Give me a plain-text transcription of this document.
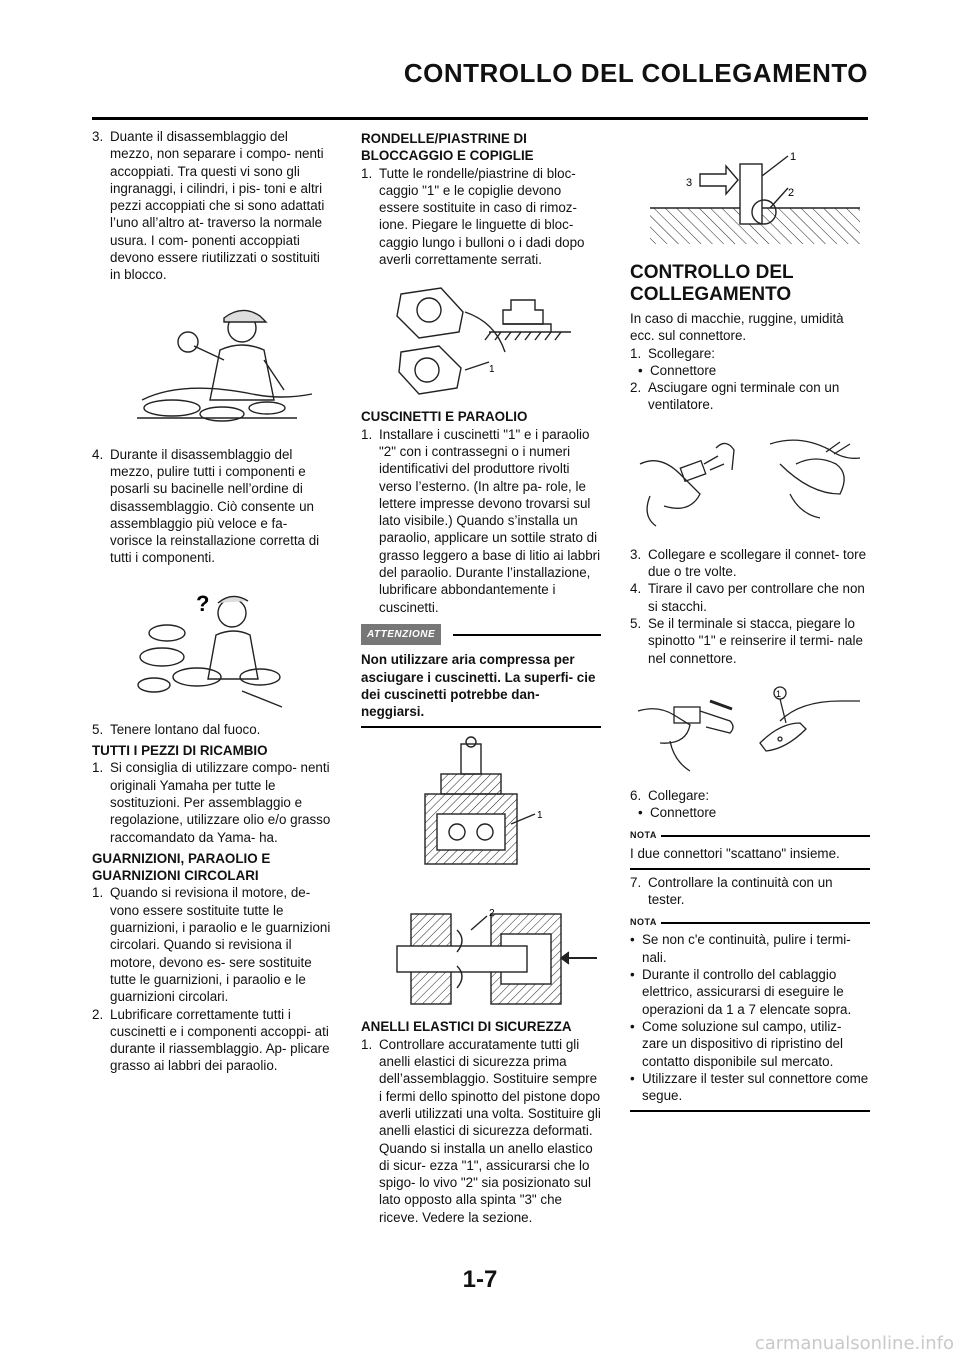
CONTROLLO DEL COLLEGAMENTO

3. Duante il disassemblaggio del mezzo, non separare i compo- nenti accoppiati. Tra questi vi sono gli ingranaggi, i cilindri, i pis- toni e altri pezzi accoppiati che si sono adattati l’uno all’altro at- traverso la normale usura. I com- ponenti accoppiati devono essere riutilizzati o sostituiti in blocco.

4. Durante il disassemblaggio del mezzo, pulire tutti i componenti e posarli su bacinelle nell’ordine di disassemblaggio. Ciò consente un assemblaggio più veloce e fa- vorisce la reinstallazione corretta di tutti i componenti.

?

5. Tenere lontano dal fuoco.

TUTTI I PEZZI DI RICAMBIO

1. Si consiglia di utilizzare compo- nenti originali Yamaha per tutte le sostituzioni. Per assemblaggio e regolazione, utilizzare olio e/o grasso raccomandato da Yama- ha.

GUARNIZIONI, PARAOLIO E GUARNIZIONI CIRCOLARI

1. Quando si revisiona il motore, de- vono essere sostituite tutte le guarnizioni, i paraolio e le guarnizioni circolari. Quando si revisiona il motore, devono es- sere sostituite tutte le guarnizioni, i paraolio e le guarnizioni circolari.

2. Lubrificare correttamente tutti i cuscinetti e i componenti accoppi- ati durante il riassemblaggio. Ap- plicare grasso ai labbri dei paraolio.

RONDELLE/PIASTRINE DI BLOCCAGGIO E COPIGLIE

1. Tutte le rondelle/piastrine di bloc- caggio "1" e le copiglie devono essere sostituite in caso di rimoz- ione. Piegare le linguette di bloc- caggio lungo i bulloni o i dadi dopo averli correttamente serrati.

1

CUSCINETTI E PARAOLIO

1. Installare i cuscinetti "1" e i paraolio "2" con i contrassegni o i numeri identificativi del produttore rivolti verso l’esterno. (In altre pa- role, le lettere impresse devono trovarsi sul lato visibile.) Quando s’installa un paraolio, applicare un sottile strato di grasso leggero a base di litio ai labbri del paraolio. Durante l’installazione, lubrificare abbondantemente i cuscinetti.

ATTENZIONE

Non utilizzare aria compressa per asciugare i cuscinetti. La superfi- cie dei cuscinetti potrebbe dan- neggiarsi.

1
2

ANELLI ELASTICI DI SICUREZZA

1. Controllare accuratamente tutti gli anelli elastici di sicurezza prima dell’assemblaggio. Sostituire sempre i fermi dello spinotto del pistone dopo averli utilizzati una volta. Sostituire gli anelli elastici di sicurezza deformati. Quando si installa un anello elastico di sicur- ezza "1", assicurarsi che lo spigo- lo vivo "2" sia posizionato sul lato opposto alla spinta "3" che riceve. Vedere la sezione.

1
2
3

CONTROLLO DEL COLLEGAMENTO

In caso di macchie, ruggine, umidità ecc. sul connettore.

1. Scollegare:

• Connettore

2. Asciugare ogni terminale con un ventilatore.

3. Collegare e scollegare il connet- tore due o tre volte.

4. Tirare il cavo per controllare che non si stacchi.

5. Se il terminale si stacca, piegare lo spinotto "1" e reinserire il termi- nale nel connettore.

1

6. Collegare:

• Connettore

NOTA

I due connettori "scattano" insieme.

7. Controllare la continuità con un tester.

NOTA

• Se non c'e continuità, pulire i termi- nali.

• Durante il controllo del cablaggio elettrico, assicurarsi di eseguire le operazioni da 1 a 7 elencate sopra.

• Come soluzione sul campo, utiliz- zare un dispositivo di ripristino del contatto disponibile sul mercato.

• Utilizzare il tester sul connettore come segue.

1-7
carmanualsonline.info
